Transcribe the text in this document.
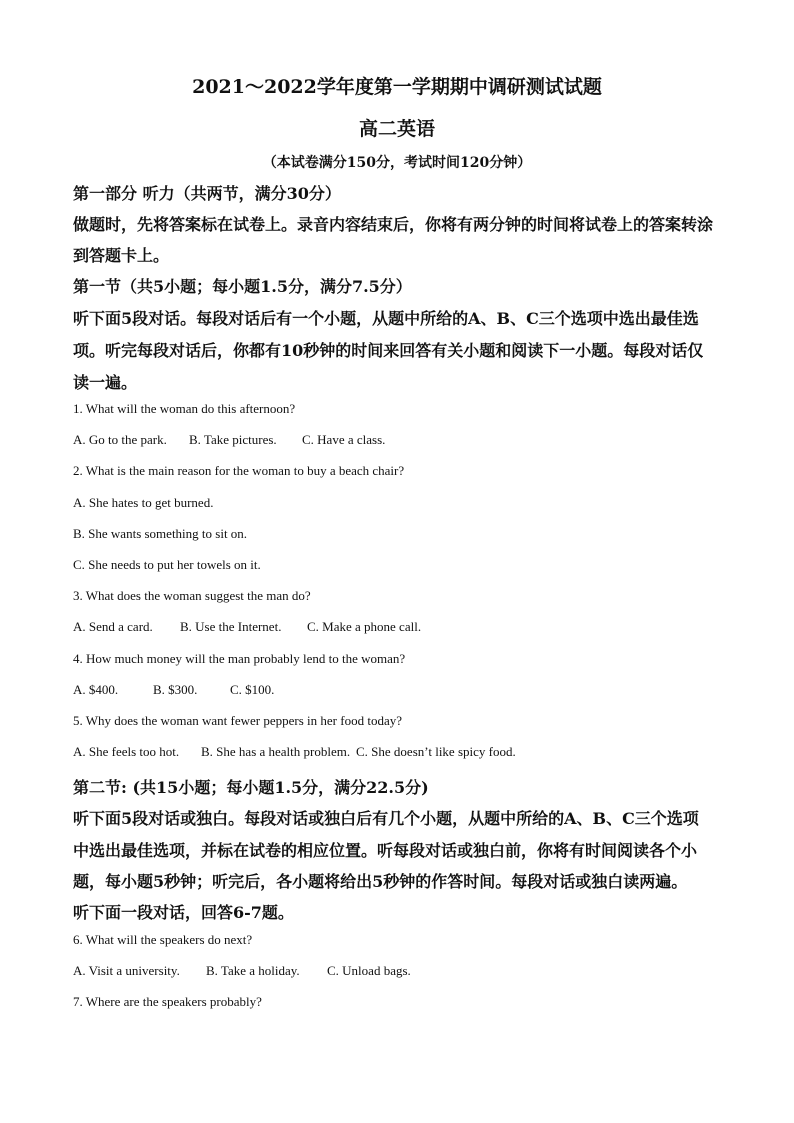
2021～2022学年度第一学期期中调研测试试题
高二英语
（本试卷满分150分，考试时间120分钟）
第一部分 听力（共两节，满分30分）
做题时，先将答案标在试卷上。录音内容结束后，你将有两分钟的时间将试卷上的答案转涂
到答题卡上。
第一节（共5小题；每小题1.5分，满分7.5分）
听下面5段对话。每段对话后有一个小题，从题中所给的A、B、C三个选项中选出最佳选
项。听完每段对话后，你都有10秒钟的时间来回答有关小题和阅读下一小题。每段对话仅
读一遍。
1. What will the woman do this afternoon?
A. Go to the park. B. Take pictures. C. Have a class.
2. What is the main reason for the woman to buy a beach chair?
A. She hates to get burned.
B. She wants something to sit on.
C. She needs to put her towels on it.
3. What does the woman suggest the man do?
A. Send a card. B. Use the Internet. C. Make a phone call.
4. How much money will the man probably lend to the woman?
A. $400.	B. $300.	C. $100.
5. Why does the woman want fewer peppers in her food today?
A. She feels too hot. B. She has a health problem. C. She doesn’t like spicy food.
第二节: (共15小题；每小题1.5分，满分22.5分)
听下面5段对话或独白。每段对话或独白后有几个小题，从题中所给的A、B、C三个选项
中选出最佳选项，并标在试卷的相应位置。听每段对话或独白前，你将有时间阅读各个小
题，每小题5秒钟；听完后，各小题将给出5秒钟的作答时间。每段对话或独白读两遍。
听下面一段对话，回答6-7题。
6. What will the speakers do next?
A. Visit a university. B. Take a holiday. C. Unload bags.
7. Where are the speakers probably?
